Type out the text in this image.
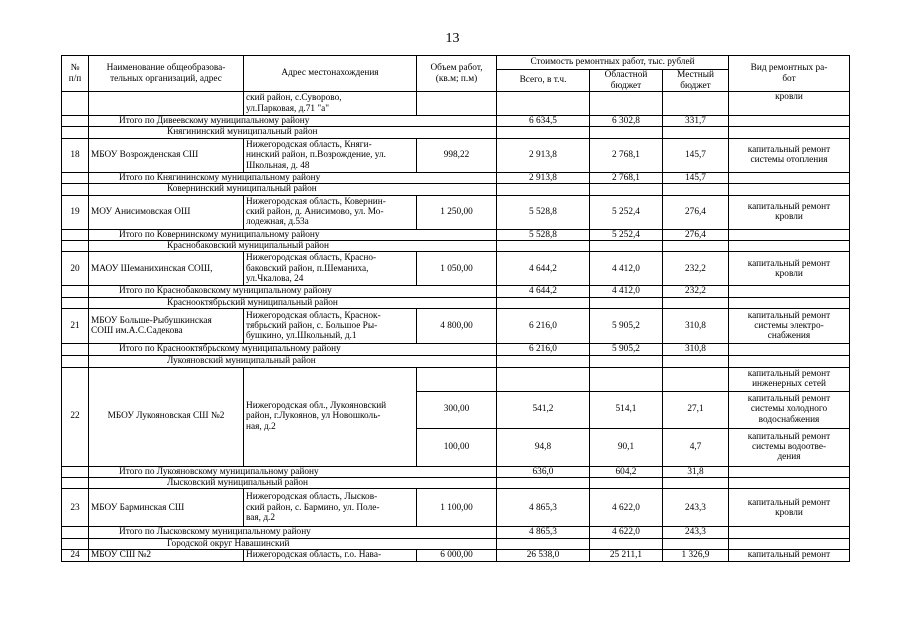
13
№
п/п	Наименование общеобразова-
тельных организаций, адрес	Адрес местонахождения	Объем работ,
(кв.м; п.м)	Стоимость ремонтных работ, тыс. рублей			Вид ремонтных ра-
бот
				Всего, в т.ч.	Областной
бюджет	Местный
бюджет	
		ский район, с.Суворово,
ул.Парковая, д.71 "а"					кровли
	Итого по Дивеевскому муниципальному району			6 634,5	6 302,8	331,7	
	Княгининский муниципальный район						
18	МБОУ Возрожденская СШ	Нижегородская область, Княги-
нинский район, п.Возрождение, ул.
Школьная, д. 48	998,22	2 913,8	2 768,1	145,7	капитальный ремонт
системы отопления
	Итого по Княгининскому муниципальному району			2 913,8	2 768,1	145,7	
	Ковернинский муниципальный район						
19	МОУ Анисимовская ОШ	Нижегородская область, Ковернин-
ский район, д. Анисимово, ул. Мо-
лодежная, д.53а	1 250,00	5 528,8	5 252,4	276,4	капитальный ремонт
кровли
	Итого по Ковернинскому муниципальному району			5 528,8	5 252,4	276,4	
	Краснобаковский муниципальный район						
20	МАОУ Шеманихинская СОШ,	Нижегородская область, Красно-
баковский район, п.Шеманиха,
ул.Чкалова, 24	1 050,00	4 644,2	4 412,0	232,2	капитальный ремонт
кровли
	Итого по Краснобаковскому муниципальному району			4 644,2	4 412,0	232,2	
	Краснооктябрьский муниципальный район						
21	МБОУ Больше-Рыбушкинская
СОШ им.А.С.Садекова	Нижегородская область, Краснок-
тябрьский район, с. Большое Ры-
бушкино, ул.Школьный, д.1	4 800,00	6 216,0	5 905,2	310,8	капитальный ремонт
системы электро-
снабжения
	Итого по Краснооктябрьскому муниципальному району			6 216,0	5 905,2	310,8	
	Лукояновский муниципальный район						
22	МБОУ Лукояновская СШ №2	Нижегородская обл., Лукояновский
район, г.Лукоянов, ул Новошколь-
ная, д.2					капитальный ремонт
инженерных сетей
			300,00	541,2	514,1	27,1	капитальный ремонт
системы холодного
водоснабжения
			100,00	94,8	90,1	4,7	капитальный ремонт
системы водоотве-
дения
	Итого по Лукояновскому муниципальному району			636,0	604,2	31,8	
	Лысковский муниципальный район						
23	МБОУ Барминская СШ	Нижегородская область, Лысков-
ский район, с. Бармино, ул. Поле-
вая, д.2	1 100,00	4 865,3	4 622,0	243,3	капитальный ремонт
кровли
	Итого по Лысковскому муниципальному району			4 865,3	4 622,0	243,3	
	Городской округ Навашинский						
24	МБОУ СШ №2	Нижегородская область, г.о. Нава-	6 000,00	26 538,0	25 211,1	1 326,9	капитальный ремонт
